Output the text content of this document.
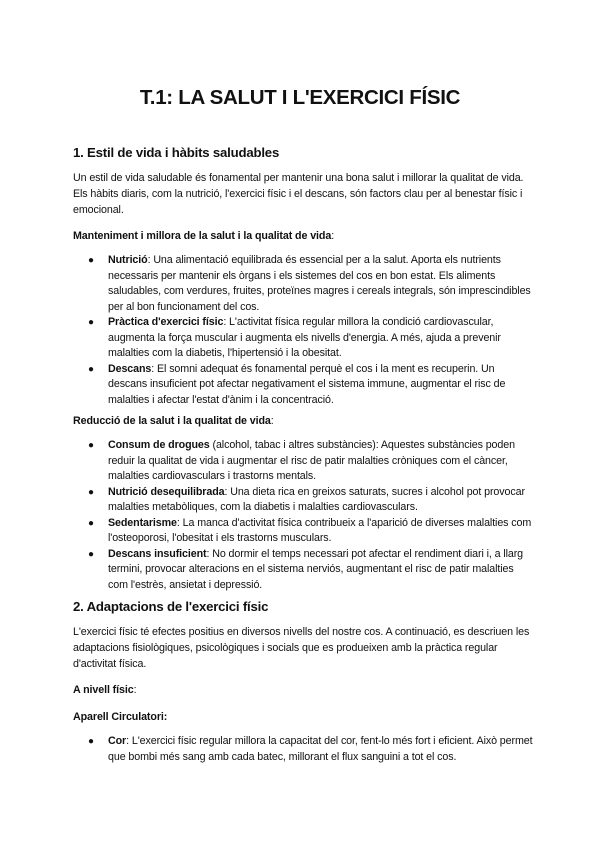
T.1: LA SALUT I L'EXERCICI FÍSIC
1. Estil de vida i hàbits saludables

Un estil de vida saludable és fonamental per mantenir una bona salut i millorar la qualitat de vida. Els hàbits diaris, com la nutrició, l'exercici físic i el descans, són factors clau per al benestar físic i emocional.

Manteniment i millora de la salut i la qualitat de vida:

● Nutrició: Una alimentació equilibrada és essencial per a la salut. Aporta els nutrients necessaris per mantenir els òrgans i els sistemes del cos en bon estat. Els aliments saludables, com verdures, fruites, proteïnes magres i cereals integrals, són imprescindibles per al bon funcionament del cos.
● Pràctica d'exercici físic: L'activitat física regular millora la condició cardiovascular, augmenta la força muscular i augmenta els nivells d'energia. A més, ajuda a prevenir malalties com la diabetis, l'hipertensió i la obesitat.
● Descans: El somni adequat és fonamental perquè el cos i la ment es recuperin. Un descans insuficient pot afectar negativament el sistema immune, augmentar el risc de malalties i afectar l'estat d'ànim i la concentració.

Reducció de la salut i la qualitat de vida:

● Consum de drogues (alcohol, tabac i altres substàncies): Aquestes substàncies poden reduir la qualitat de vida i augmentar el risc de patir malalties cròniques com el càncer, malalties cardiovasculars i trastorns mentals.
● Nutrició desequilibrada: Una dieta rica en greixos saturats, sucres i alcohol pot provocar malalties metabòliques, com la diabetis i malalties cardiovasculars.
● Sedentarisme: La manca d'activitat física contribueix a l'aparició de diverses malalties com l'osteoporosi, l'obesitat i els trastorns musculars.
● Descans insuficient: No dormir el temps necessari pot afectar el rendiment diari i, a llarg termini, provocar alteracions en el sistema nerviós, augmentant el risc de patir malalties com l'estrès, ansietat i depressió.
2. Adaptacions de l'exercici físic

L'exercici físic té efectes positius en diversos nivells del nostre cos. A continuació, es descriuen les adaptacions fisiològiques, psicològiques i socials que es produeixen amb la pràctica regular d'activitat física.

A nivell físic:

Aparell Circulatori:

● Cor: L'exercici físic regular millora la capacitat del cor, fent-lo més fort i eficient. Això permet que bombi més sang amb cada batec, millorant el flux sanguini a tot el cos.
